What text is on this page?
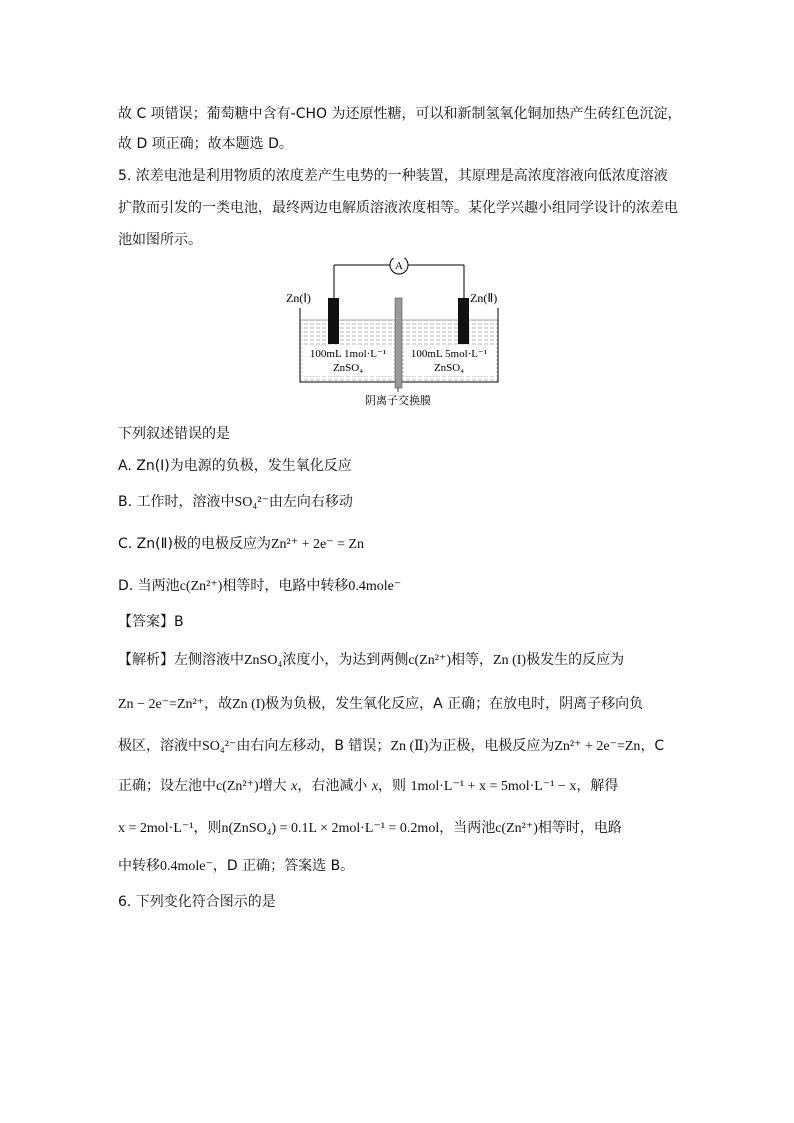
故 C 项错误；葡萄糖中含有-CHO 为还原性糖，可以和新制氢氧化铜加热产生砖红色沉淀，
故 D 项正确；故本题选 D。
5. 浓差电池是利用物质的浓度差产生电势的一种装置，其原理是高浓度溶液向低浓度溶液
扩散而引发的一类电池，最终两边电解质溶液浓度相等。某化学兴趣小组同学设计的浓差电
池如图所示。
A
Zn(Ⅰ)	Zn(Ⅱ)
100mL 1mol·L⁻¹
ZnSO₄
100mL 5mol·L⁻¹
ZnSO₄
阴离子交换膜
下列叙述错误的是
A. Zn(Ⅰ)为电源的负极，发生氧化反应
B. 工作时，溶液中SO₄²⁻由左向右移动
C. Zn(Ⅱ)极的电极反应为Zn²⁺ + 2e⁻ = Zn
D. 当两池c(Zn²⁺)相等时，电路中转移0.4mole⁻
【答案】B
【解析】左侧溶液中ZnSO₄浓度小，为达到两侧c(Zn²⁺)相等，Zn (I)极发生的反应为
Zn − 2e⁻=Zn²⁺，故Zn (I)极为负极，发生氧化反应，A 正确；在放电时，阴离子移向负
极区，溶液中SO₄²⁻由右向左移动，B 错误；Zn (Ⅱ)为正极，电极反应为Zn²⁺ + 2e⁻=Zn，C
正确；设左池中c(Zn²⁺)增大 x，右池减小 x，则 1mol·L⁻¹ + x = 5mol·L⁻¹ − x，解得
x = 2mol·L⁻¹，则n(ZnSO₄) = 0.1L × 2mol·L⁻¹ = 0.2mol，当两池c(Zn²⁺)相等时，电路
中转移0.4mole⁻，D 正确；答案选 B。
6. 下列变化符合图示的是
